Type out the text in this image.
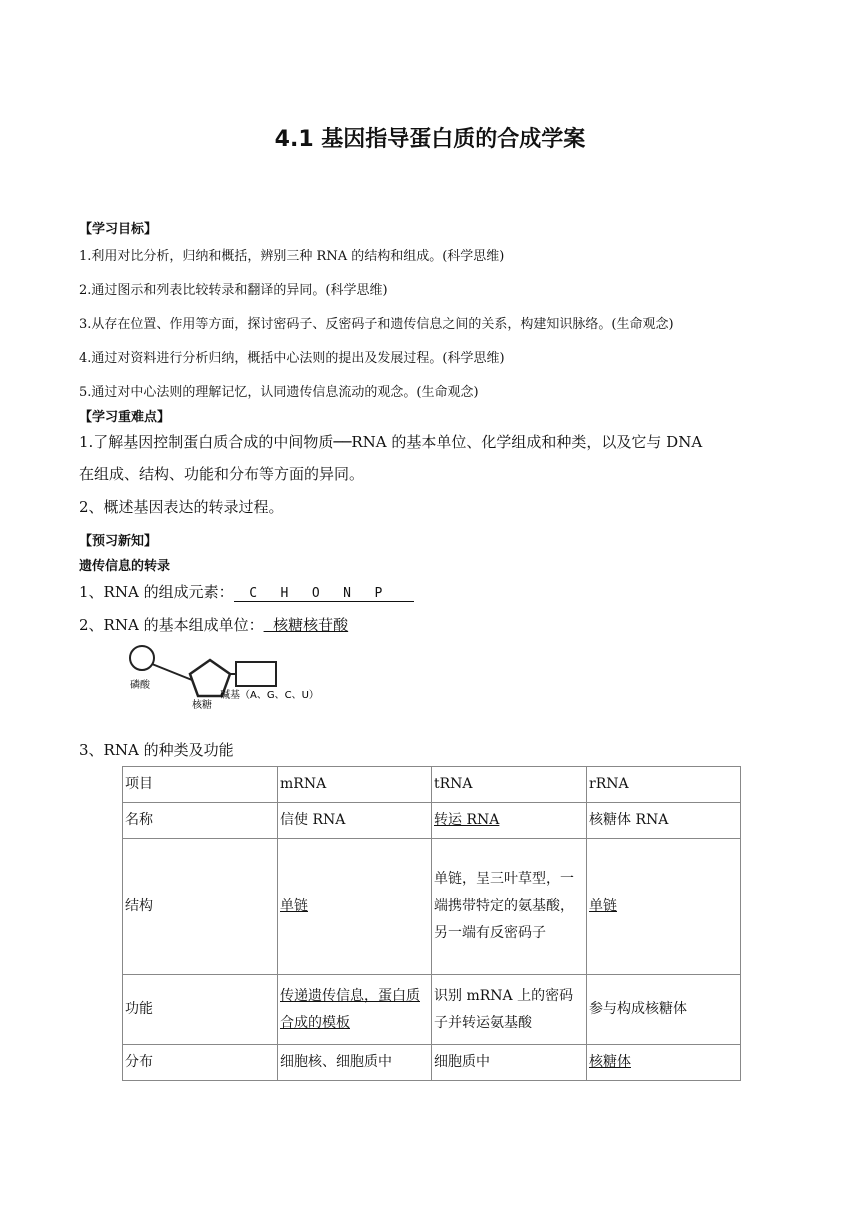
4.1 基因指导蛋白质的合成学案
【学习目标】
1.利用对比分析，归纳和概括，辨别三种 RNA 的结构和组成。(科学思维)
2.通过图示和列表比较转录和翻译的异同。(科学思维)
3.从存在位置、作用等方面，探讨密码子、反密码子和遗传信息之间的关系，构建知识脉络。(生命观念)
4.通过对资料进行分析归纳，概括中心法则的提出及发展过程。(科学思维)
5.通过对中心法则的理解记忆，认同遗传信息流动的观念。(生命观念)
【学习重难点】
1.了解基因控制蛋白质合成的中间物质──RNA 的基本单位、化学组成和种类，以及它与 DNA
在组成、结构、功能和分布等方面的异同。
2、概述基因表达的转录过程。
【预习新知】
遗传信息的转录
1、RNA 的组成元素：  C   H   O   N   P
2、RNA 的基本组成单位：  核糖核苷酸
磷酸
核糖
碱基（A、G、C、U）
3、RNA 的种类及功能
项目	mRNA	tRNA	rRNA
名称	信使 RNA	转运 RNA	核糖体 RNA
结构	单链	单链，呈三叶草型，一端携带特定的氨基酸，另一端有反密码子	单链
功能	传递遗传信息，蛋白质合成的模板	识别 mRNA 上的密码子并转运氨基酸	参与构成核糖体
分布	细胞核、细胞质中	细胞质中	核糖体
